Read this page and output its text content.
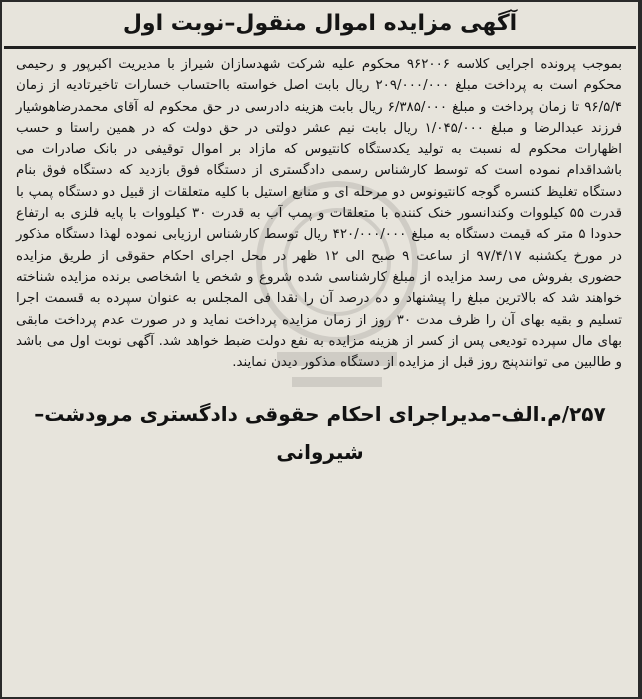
آگهی مزایده اموال منقول–نوبت اول

بموجب پرونده اجرایی کلاسه ۹۶۲۰۰۶ محکوم علیه شرکت شهدسازان شیراز با مدیریت اکبرپور و رحیمی محکوم است به پرداخت مبلغ ۲۰۹/۰۰۰/۰۰۰ ریال بابت اصل خواسته بااحتساب خسارات تاخیرتادیه از زمان ۹۶/۵/۴ تا زمان پرداخت و مبلغ ۶/۳۸۵/۰۰۰ ریال بابت هزینه دادرسی در حق محکوم له آقای محمدرضاهوشیار فرزند عبدالرضا و مبلغ ۱/۰۴۵/۰۰۰ ریال بابت نیم عشر دولتی در حق دولت که در همین راستا و حسب اظهارات محکوم له نسبت به تولید یکدستگاه کانتیوس که مازاد بر اموال توقیفی در بانک صادرات می باشداقدام نموده است که توسط کارشناس رسمی دادگستری از دستگاه فوق بازدید که دستگاه فوق بنام دستگاه تغلیظ کنسره گوجه کانتیونوس دو مرحله ای و منابع استیل با کلیه متعلقات از قبیل دو دستگاه پمپ با قدرت ۵۵ کیلووات وکندانسور خنک کننده با متعلقات و پمپ آب به قدرت ۳۰ کیلووات با پایه فلزی به ارتفاع حدودا ۵ متر که قیمت دستگاه به مبلغ ۴۲۰/۰۰۰/۰۰۰ ریال توسط کارشناس ارزیابی نموده لهذا دستگاه مذکور در مورخ یکشنبه ۹۷/۴/۱۷ از ساعت ۹ صبح الی ۱۲ ظهر در محل اجرای احکام حقوقی از طریق مزایده حضوری بفروش می رسد مزایده از مبلغ کارشناسی شده شروع و شخص یا اشخاصی برنده مزایده شناخته خواهند شد که بالاترین مبلغ را پیشنهاد و ده درصد آن را نقدا فی المجلس به عنوان سپرده به قسمت اجرا تسلیم و بقیه بهای آن را ظرف مدت ۳۰ روز از زمان مزایده پرداخت نماید و در صورت عدم پرداخت مابقی بهای مال سپرده تودیعی پس از کسر از هزینه مزایده به نفع دولت ضبط خواهد شد. آگهی نوبت اول می باشد و طالبین می توانندپنج روز قبل از مزایده از دستگاه مذکور دیدن نمایند.

۲۵۷/م.الف–مدیراجرای احکام حقوقی دادگستری مرودشت–
شیروانی
